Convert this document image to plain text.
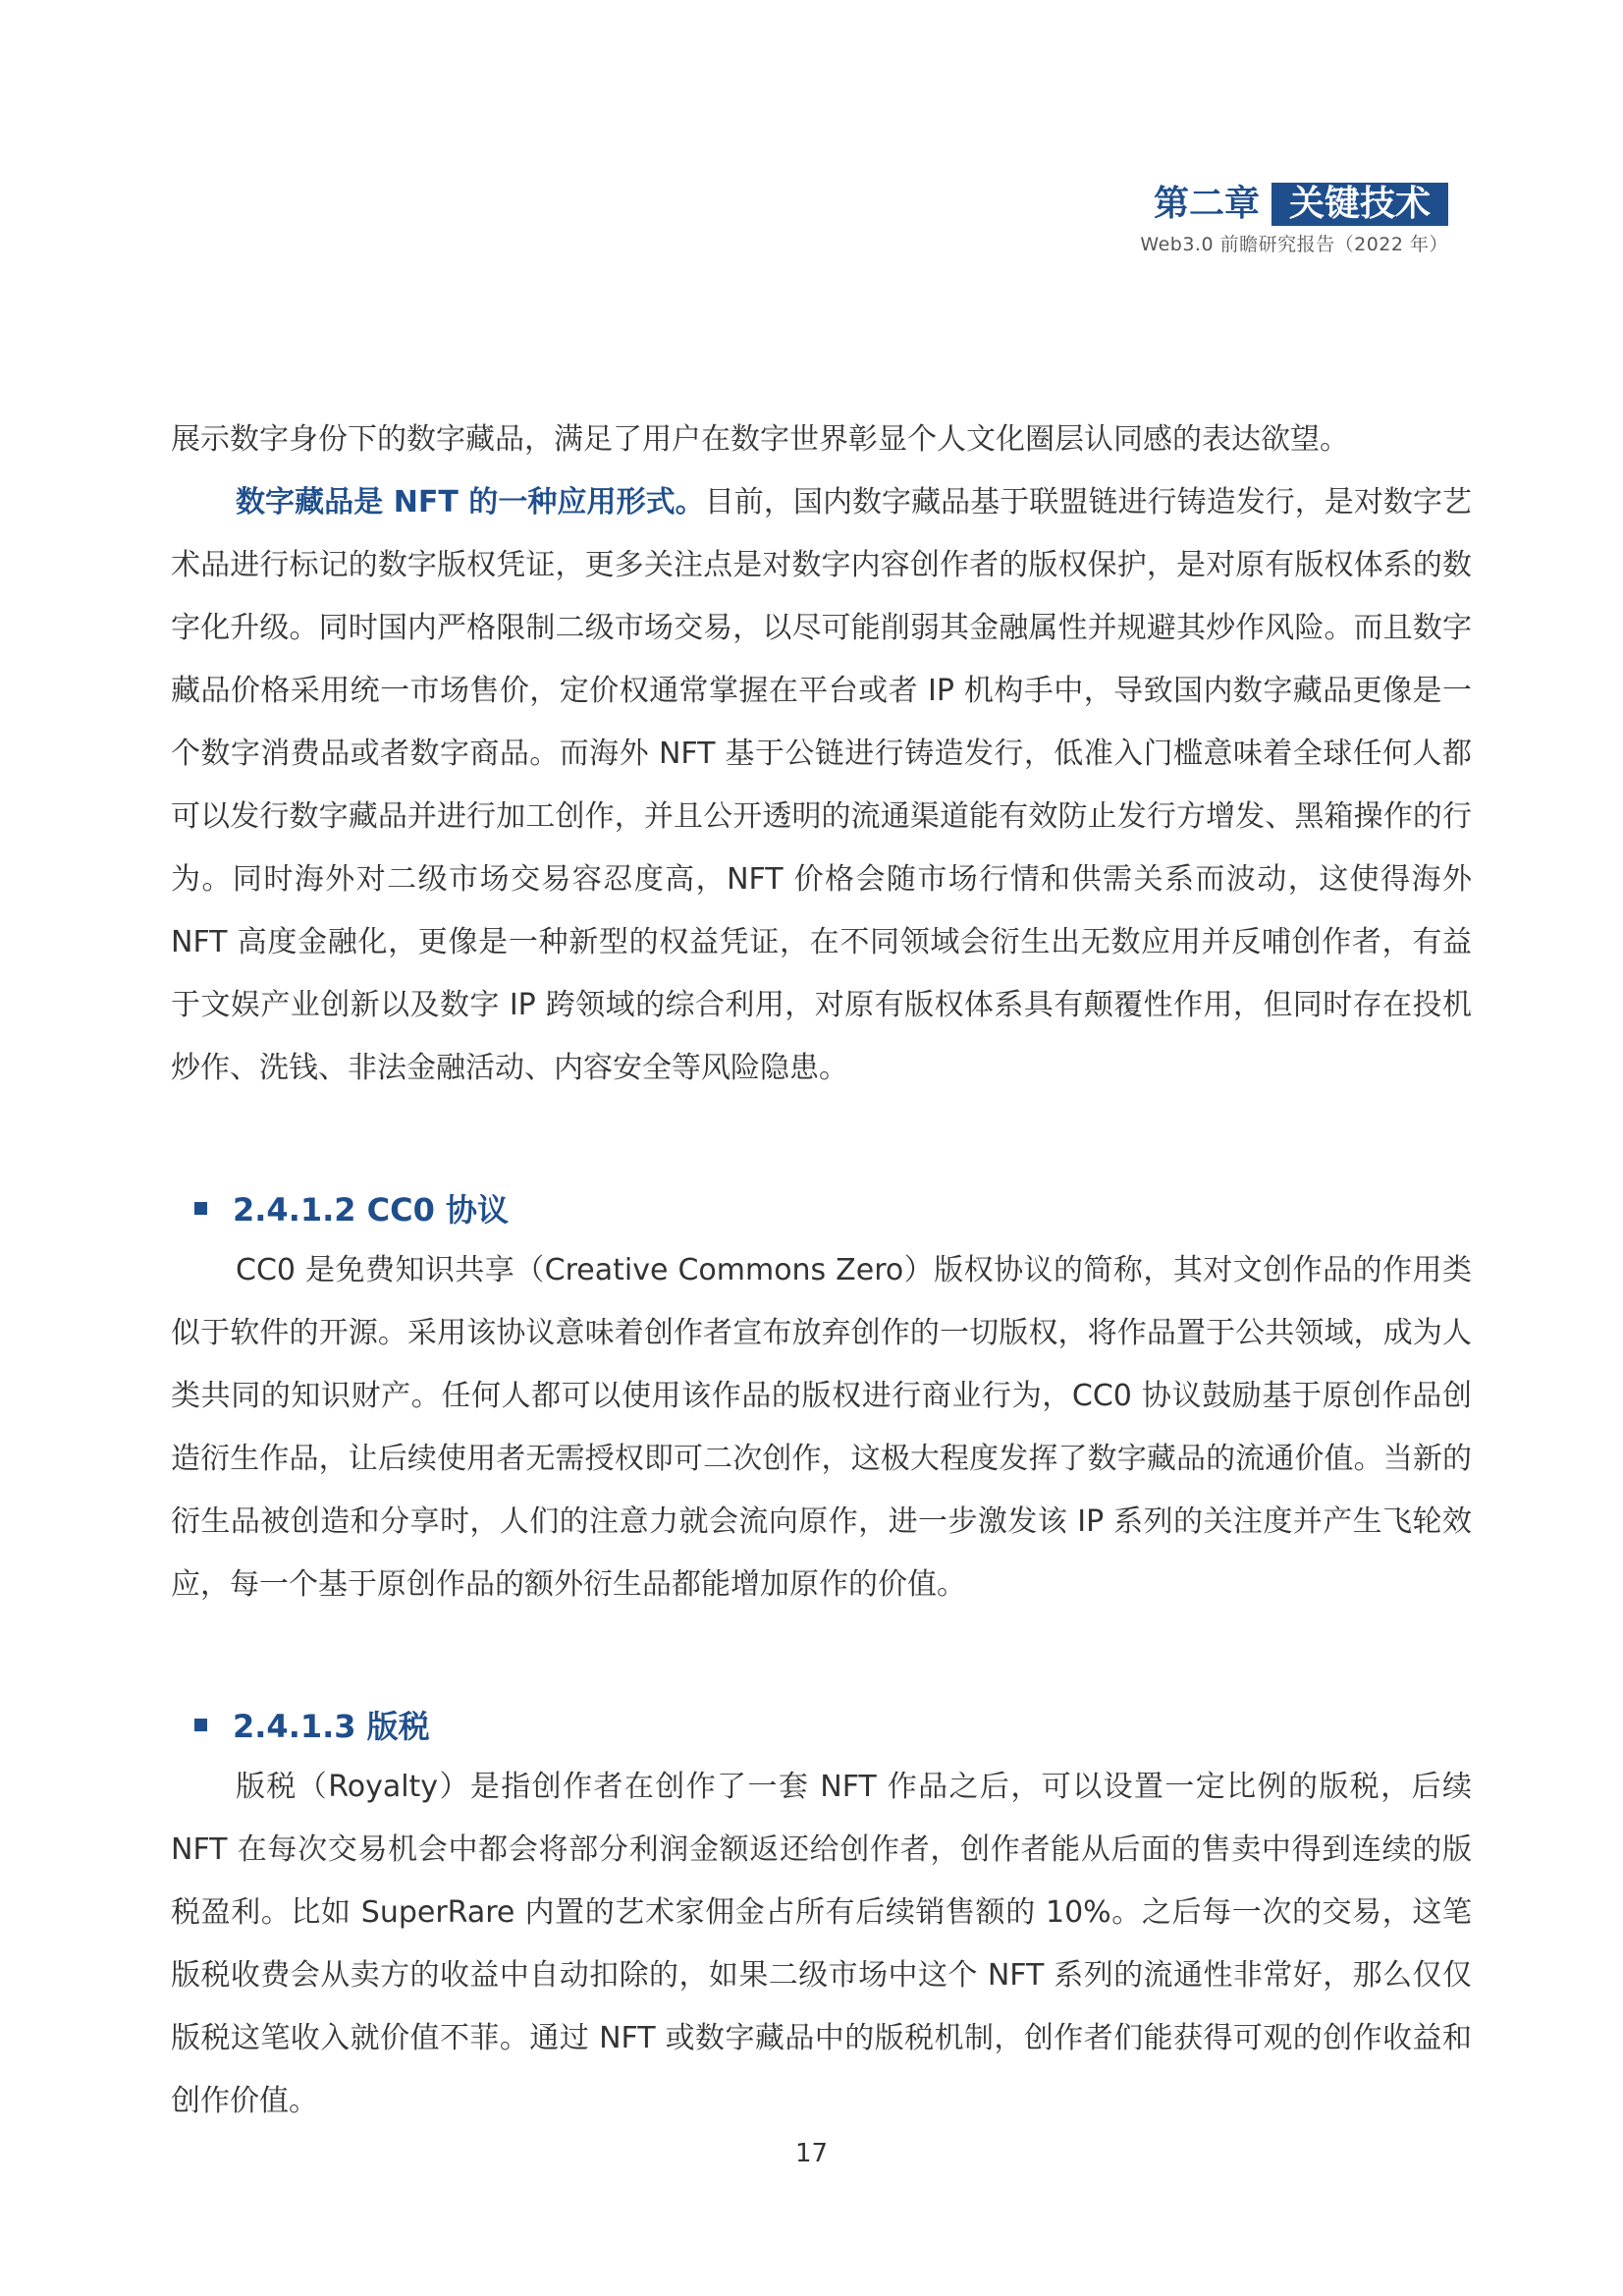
第二章 关键技术
Web3.0 前瞻研究报告（2022 年）

展示数字身份下的数字藏品，满足了用户在数字世界彰显个人文化圈层认同感的表达欲望。

数字藏品是 NFT 的一种应用形式。目前，国内数字藏品基于联盟链进行铸造发行，是对数字艺术品进行标记的数字版权凭证，更多关注点是对数字内容创作者的版权保护，是对原有版权体系的数字化升级。同时国内严格限制二级市场交易，以尽可能削弱其金融属性并规避其炒作风险。而且数字藏品价格采用统一市场售价，定价权通常掌握在平台或者 IP 机构手中，导致国内数字藏品更像是一个数字消费品或者数字商品。而海外 NFT 基于公链进行铸造发行，低准入门槛意味着全球任何人都可以发行数字藏品并进行加工创作，并且公开透明的流通渠道能有效防止发行方增发、黑箱操作的行为。同时海外对二级市场交易容忍度高，NFT 价格会随市场行情和供需关系而波动，这使得海外 NFT 高度金融化，更像是一种新型的权益凭证，在不同领域会衍生出无数应用并反哺创作者，有益于文娱产业创新以及数字 IP 跨领域的综合利用，对原有版权体系具有颠覆性作用，但同时存在投机炒作、洗钱、非法金融活动、内容安全等风险隐患。

2.4.1.2 CC0 协议

CC0 是免费知识共享（Creative Commons Zero）版权协议的简称，其对文创作品的作用类似于软件的开源。采用该协议意味着创作者宣布放弃创作的一切版权，将作品置于公共领域，成为人类共同的知识财产。任何人都可以使用该作品的版权进行商业行为，CC0 协议鼓励基于原创作品创造衍生作品，让后续使用者无需授权即可二次创作，这极大程度发挥了数字藏品的流通价值。当新的衍生品被创造和分享时，人们的注意力就会流向原作，进一步激发该 IP 系列的关注度并产生飞轮效应，每一个基于原创作品的额外衍生品都能增加原作的价值。

2.4.1.3 版税

版税（Royalty）是指创作者在创作了一套 NFT 作品之后，可以设置一定比例的版税，后续 NFT 在每次交易机会中都会将部分利润金额返还给创作者，创作者能从后面的售卖中得到连续的版税盈利。比如 SuperRare 内置的艺术家佣金占所有后续销售额的 10%。之后每一次的交易，这笔版税收费会从卖方的收益中自动扣除的，如果二级市场中这个 NFT 系列的流通性非常好，那么仅仅版税这笔收入就价值不菲。通过 NFT 或数字藏品中的版税机制，创作者们能获得可观的创作收益和创作价值。

17
